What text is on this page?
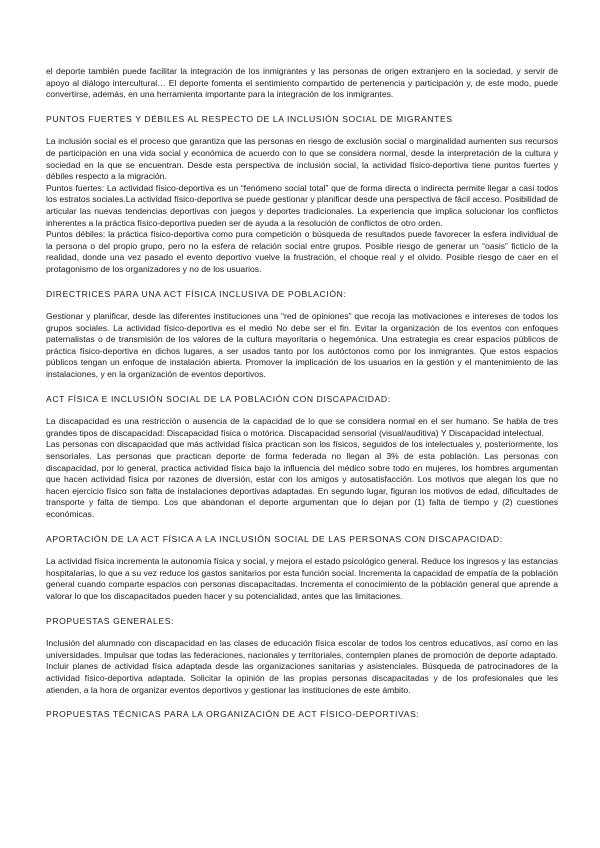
el deporte también puede facilitar la integración de los inmigrantes y las personas de origen extranjero en la sociedad, y servir de apoyo al diálogo intercultural… El deporte fomenta el sentimiento compartido de pertenencia y participación y, de este modo, puede convertirse, además, en una herramienta importante para la integración de los inmigrantes.

PUNTOS FUERTES Y DÉBILES AL RESPECTO DE LA INCLUSIÓN SOCIAL DE MIGRANTES

La inclusión social es el proceso que garantiza que las personas en riesgo de exclusión social o marginalidad aumenten sus recursos de participación en una vida social y económica de acuerdo con lo que se considera normal, desde la interpretación de la cultura y sociedad en la que se encuentran. Desde esta perspectiva de inclusión social, la actividad físico-deportiva tiene puntos fuertes y débiles respecto a la migración.

Puntos fuertes: La actividad físico-deportiva es un “fenómeno social total” que de forma directa o indirecta permite llegar a casi todos los estratos sociales.La actividad físico-deportiva se puede gestionar y planificar desde una perspectiva de fácil acceso. Posibilidad de articular las nuevas tendencias deportivas con juegos y deportes tradicionales. La experiencia que implica solucionar los conflictos inherentes a la práctica físico-deportiva pueden ser de ayuda a la resolución de conflictos de otro orden.

Puntos débiles: la práctica físico-deportiva como pura competición o búsqueda de resultados puede favorecer la esfera individual de la persona o del propio grupo, pero no la esfera de relación social entre grupos. Posible riesgo de generar un “oasis” ficticio de la realidad, donde una vez pasado el evento deportivo vuelve la frustración, el choque real y el olvido. Posible riesgo de caer en el protagonismo de los organizadores y no de los usuarios.

DIRECTRICES PARA UNA ACT FÍSICA INCLUSIVA DE POBLACIÓN:

Gestionar y planificar, desde las diferentes instituciones una “red de opiniones” que recoja las motivaciones e intereses de todos los grupos sociales. La actividad físico-deportiva es el medio No debe ser el fin. Evitar la organización de los eventos con enfoques paternalistas o de transmisión de los valores de la cultura mayoritaria o hegemónica. Una estrategia es crear espacios públicos de práctica físico-deportiva en dichos lugares, a ser usados tanto por los autóctonos como por los inmigrantes. Que estos espacios públicos tengan un enfoque de instalación abierta. Promover la implicación de los usuarios en la gestión y el mantenimiento de las instalaciones, y en la organización de eventos deportivos.

ACT FÍSICA E INCLUSIÓN SOCIAL DE LA POBLACIÓN CON DISCAPACIDAD:

La discapacidad es una restricción o ausencia de la capacidad de lo que se considera normal en el ser humano. Se habla de tres grandes tipos de discapacidad: Discapacidad física o motórica. Discapacidad sensorial (visual/auditiva) Y Discapacidad intelectual.

Las personas con discapacidad que más actividad física practican son los físicos, seguidos de los intelectuales y, posteriormente, los sensoriales. Las personas que practican deporte de forma federada no llegan al 3% de esta población. Las personas con discapacidad, por lo general, practica actividad física bajo la influencia del médico sobre todo en mujeres, los hombres argumentan que hacen actividad física por razones de diversión, estar con los amigos y autosatisfacción. Los motivos que alegan los que no hacen ejercicio físico son falta de instalaciones deportivas adaptadas. En segundo lugar, figuran los motivos de edad, dificultades de transporte y falta de tiempo. Los que abandonan el deporte argumentan que lo dejan por (1) falta de tiempo y (2) cuestiones económicas.

APORTACIÓN DE LA ACT FÍSICA A LA INCLUSIÓN SOCIAL DE LAS PERSONAS CON DISCAPACIDAD:

La actividad física incrementa la autonomía física y social, y mejora el estado psicológico general. Reduce los ingresos y las estancias hospitalarias, lo que a su vez reduce los gastos sanitarios por esta función social. Incrementa la capacidad de empatía de la población general cuando comparte espacios con personas discapacitadas. Incrementa el conocimiento de la población general que aprende a valorar lo que los discapacitados pueden hacer y su potencialidad, antes que las limitaciones.

PROPUESTAS GENERALES:

Inclusión del alumnado con discapacidad en las clases de educación física escolar de todos los centros educativos, así como en las universidades. Impulsar que todas las federaciones, nacionales y territoriales, contemplen planes de promoción de deporte adaptado. Incluir planes de actividad física adaptada desde las organizaciones sanitarias y asistenciales. Búsqueda de patrocinadores de la actividad físico-deportiva adaptada. Solicitar la opinión de las propias personas discapacitadas y de los profesionales que les atienden, a la hora de organizar eventos deportivos y gestionar las instituciones de este ámbito.

PROPUESTAS TÉCNICAS PARA LA ORGANIZACIÓN DE ACT FÍSICO-DEPORTIVAS:
